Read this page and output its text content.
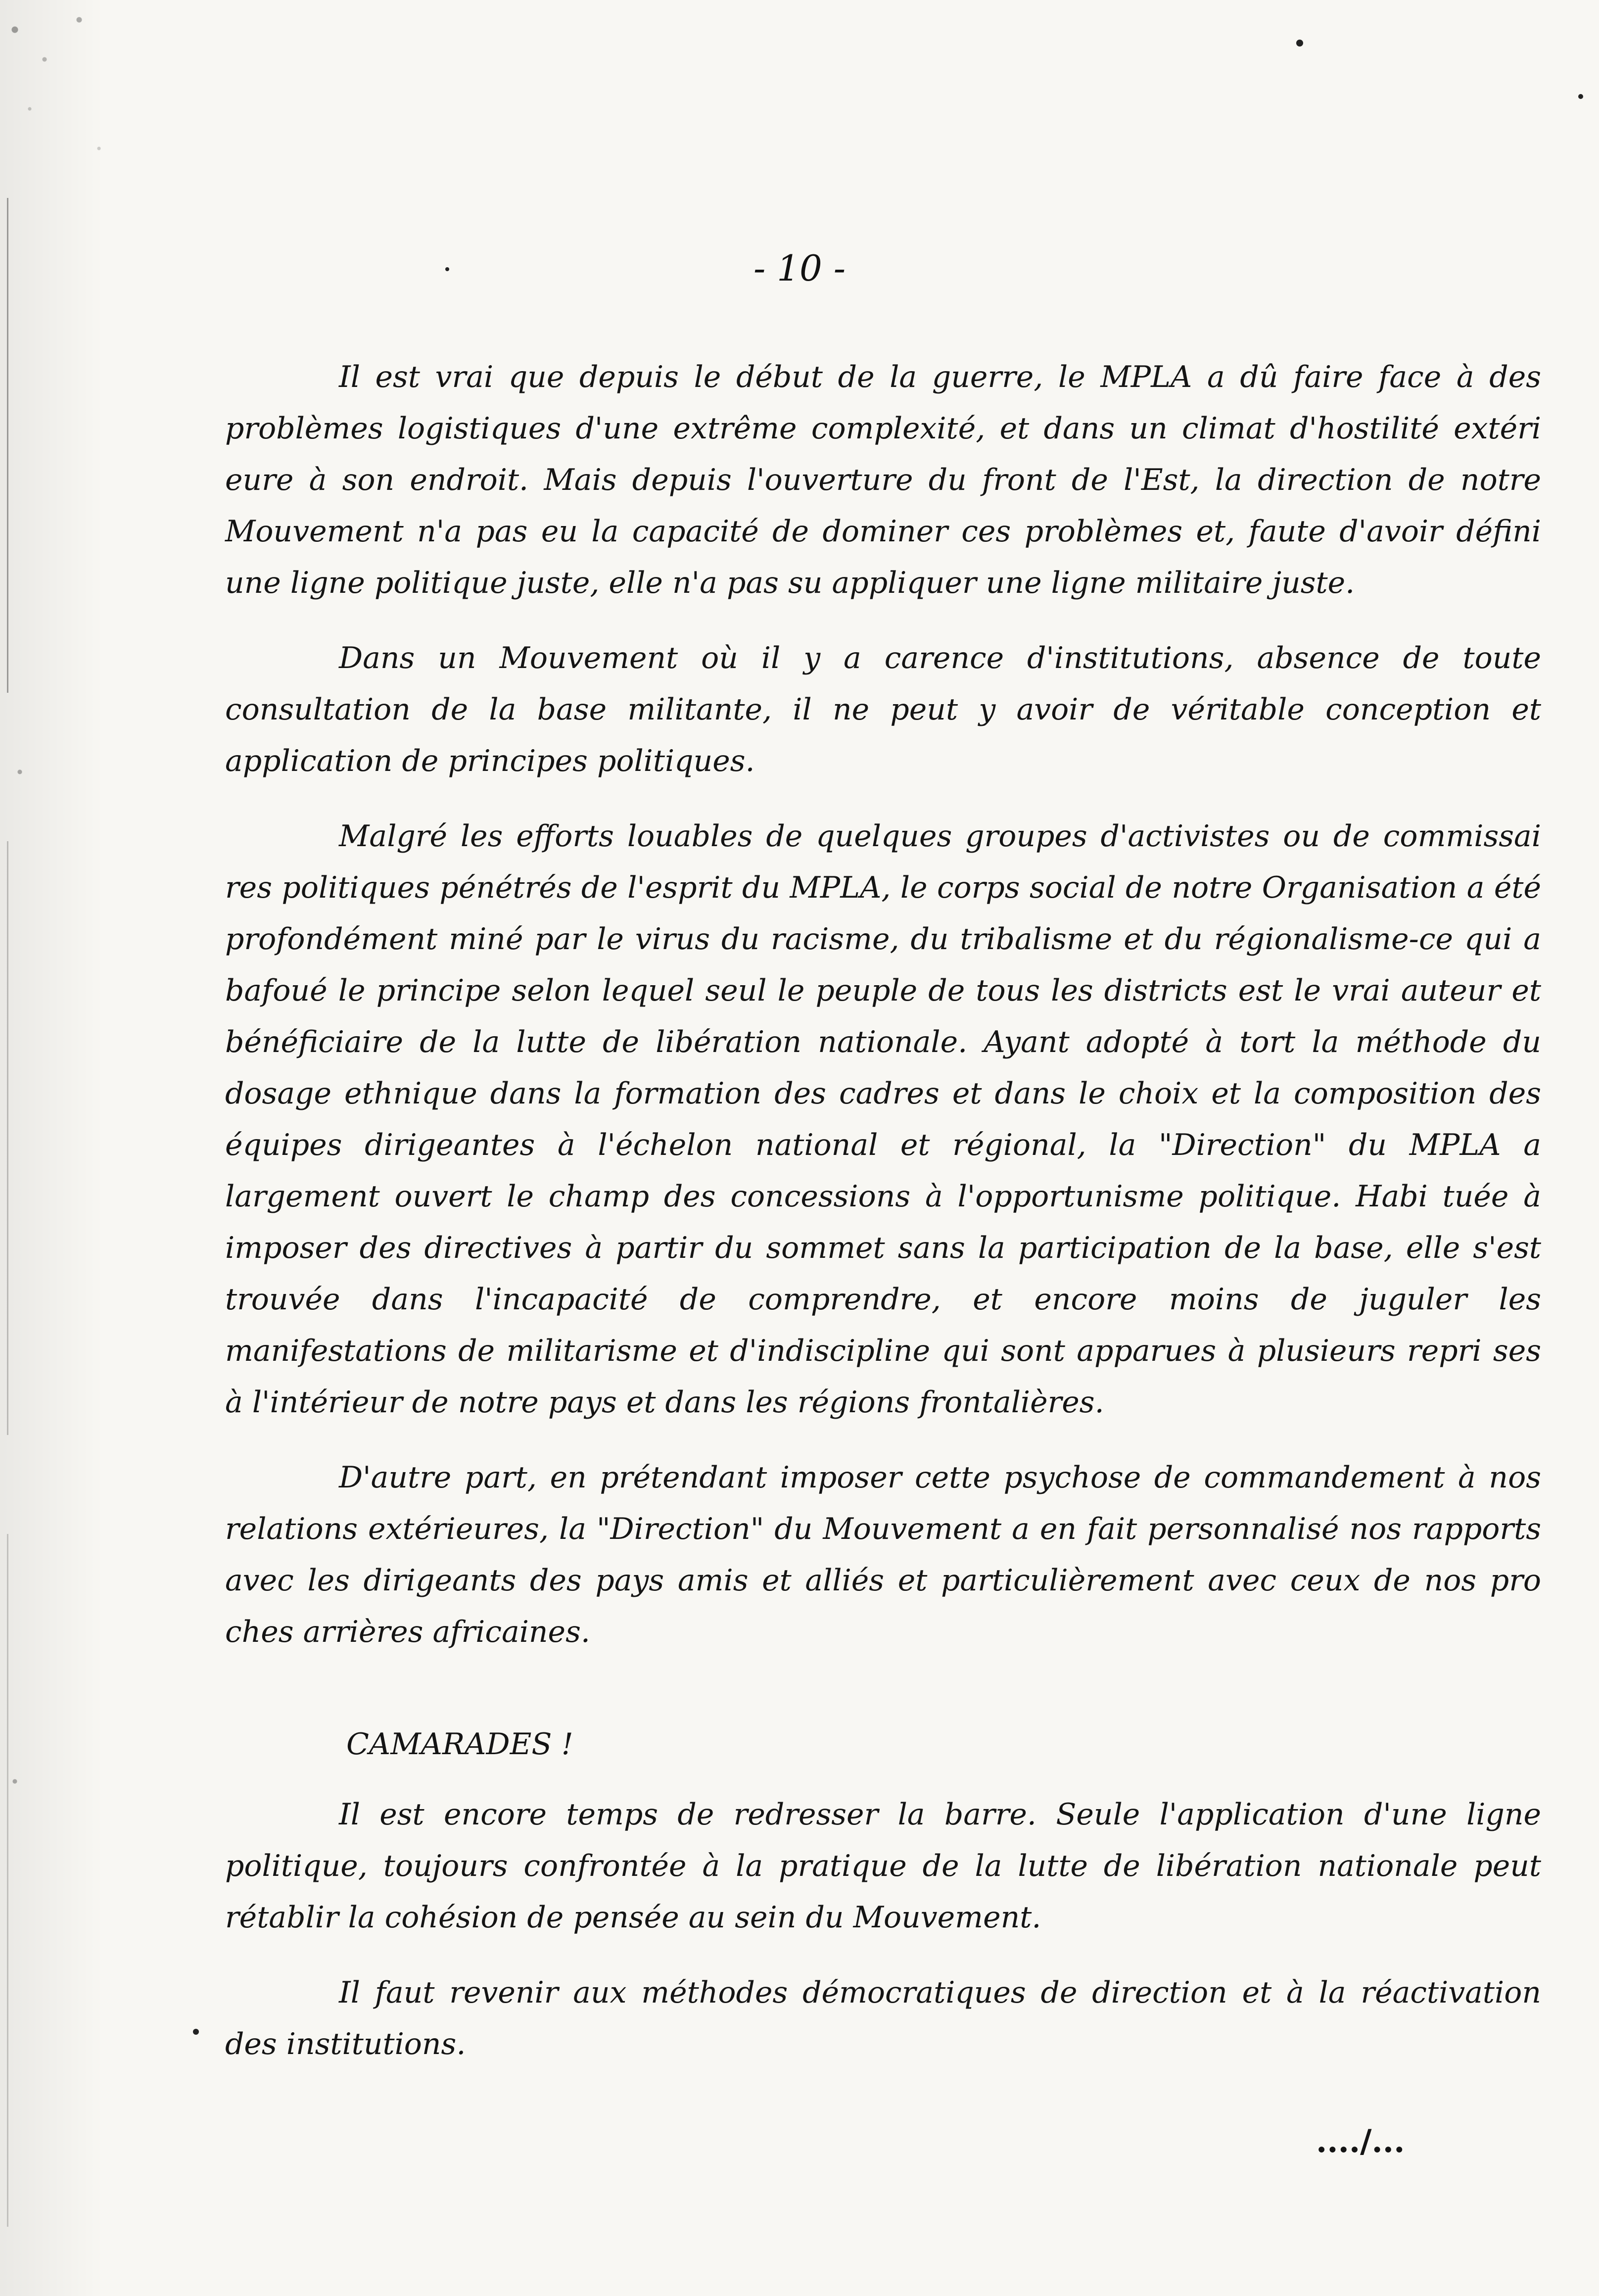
- 10 -

Il est vrai que depuis le début de la guerre, le MPLA a dû faire face à des problèmes logistiques d'une extrême complexité, et dans un climat d'hostilité extéri eure à son endroit. Mais depuis l'ouverture du front de l'Est, la direction de notre Mouvement n'a pas eu la capacité de dominer ces problèmes et, faute d'avoir défini une ligne politique juste, elle n'a pas su appliquer une ligne militaire juste.

Dans un Mouvement où il y a carence d'institutions, absence de toute consultation de la base militante, il ne peut y avoir de véritable conception et application de principes politiques.

Malgré les efforts louables de quelques groupes d'activistes ou de commissai res politiques pénétrés de l'esprit du MPLA, le corps social de notre Organisation a été profondément miné par le virus du racisme, du tribalisme et du régionalisme-ce qui a bafoué le principe selon lequel seul le peuple de tous les districts est le vrai auteur et bénéficiaire de la lutte de libération nationale. Ayant adopté à tort la méthode du dosage ethnique dans la formation des cadres et dans le choix et la composition des équipes dirigeantes à l'échelon national et régional, la "Direction" du MPLA a largement ouvert le champ des concessions à l'opportunisme politique. Habi tuée à imposer des directives à partir du sommet sans la participation de la base, elle s'est trouvée dans l'incapacité de comprendre, et encore moins de juguler les manifestations de militarisme et d'indiscipline qui sont apparues à plusieurs repri ses à l'intérieur de notre pays et dans les régions frontalières.

D'autre part, en prétendant imposer cette psychose de commandement à nos relations extérieures, la "Direction" du Mouvement a en fait personnalisé nos rapports avec les dirigeants des pays amis et alliés et particulièrement avec ceux de nos pro ches arrières africaines.

CAMARADES !

Il est encore temps de redresser la barre. Seule l'application d'une ligne politique, toujours confrontée à la pratique de la lutte de libération nationale peut rétablir la cohésion de pensée au sein du Mouvement.

Il faut revenir aux méthodes démocratiques de direction et à la réactivation des institutions.

..../...
